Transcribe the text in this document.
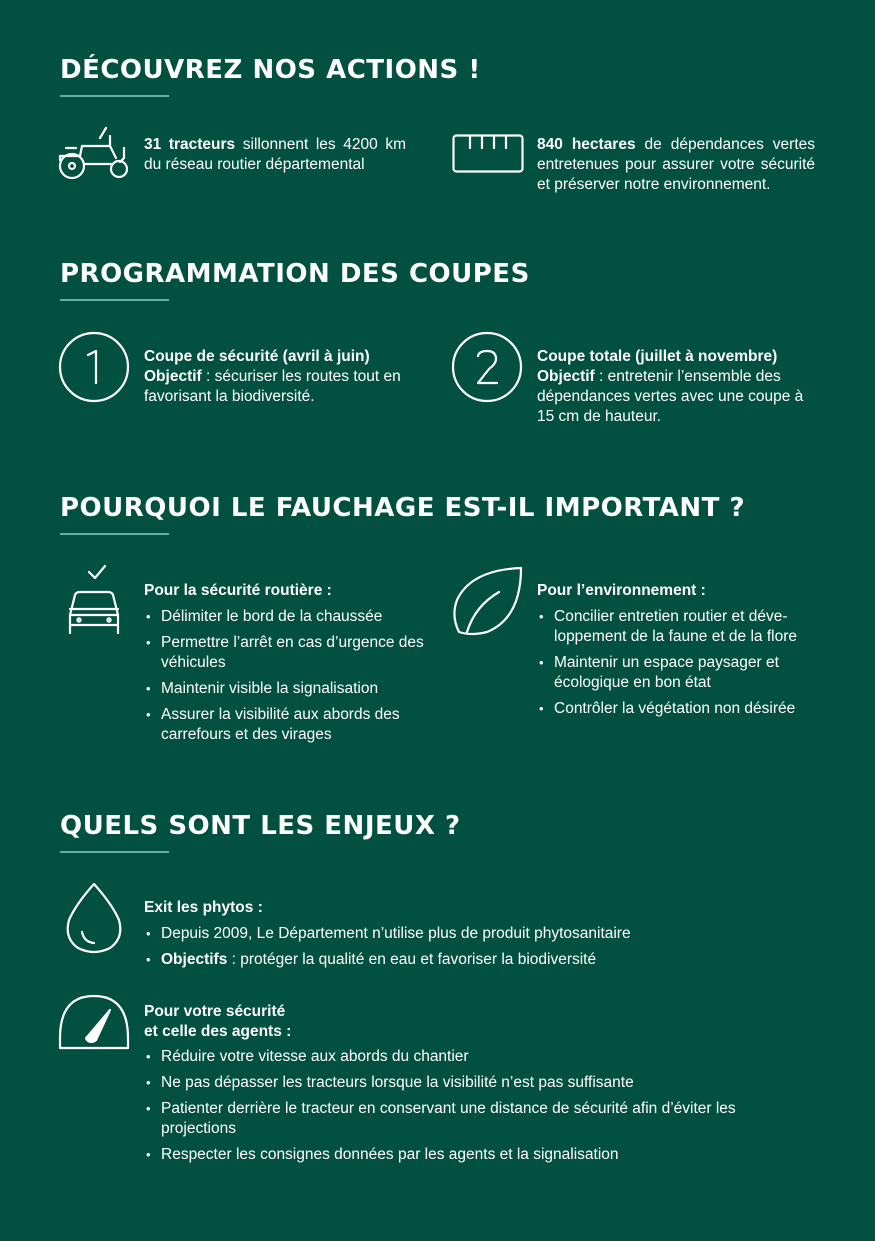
DÉCOUVREZ NOS ACTIONS !
31 tracteurs sillonnent les 4200 km du réseau routier départemental
840 hectares de dépendances vertes entretenues pour assurer votre sécurité et préserver notre environnement.
PROGRAMMATION DES COUPES
Coupe de sécurité (avril à juin)
Objectif : sécuriser les routes tout en favorisant la biodiversité.
Coupe totale (juillet à novembre)
Objectif : entretenir l’ensemble des dépendances vertes avec une coupe à 15 cm de hauteur.
POURQUOI LE FAUCHAGE EST-IL IMPORTANT ?
Pour la sécurité routière :
• Délimiter le bord de la chaussée
• Permettre l’arrêt en cas d’urgence des véhicules
• Maintenir visible la signalisation
• Assurer la visibilité aux abords des carrefours et des virages
Pour l’environnement :
• Concilier entretien routier et développement de la faune et de la flore
• Maintenir un espace paysager et écologique en bon état
• Contrôler la végétation non désirée
QUELS SONT LES ENJEUX ?
Exit les phytos :
• Depuis 2009, Le Département n’utilise plus de produit phytosanitaire
• Objectifs : protéger la qualité en eau et favoriser la biodiversité
Pour votre sécurité
et celle des agents :
• Réduire votre vitesse aux abords du chantier
• Ne pas dépasser les tracteurs lorsque la visibilité n’est pas suffisante
• Patienter derrière le tracteur en conservant une distance de sécurité afin d’éviter les projections
• Respecter les consignes données par les agents et la signalisation
